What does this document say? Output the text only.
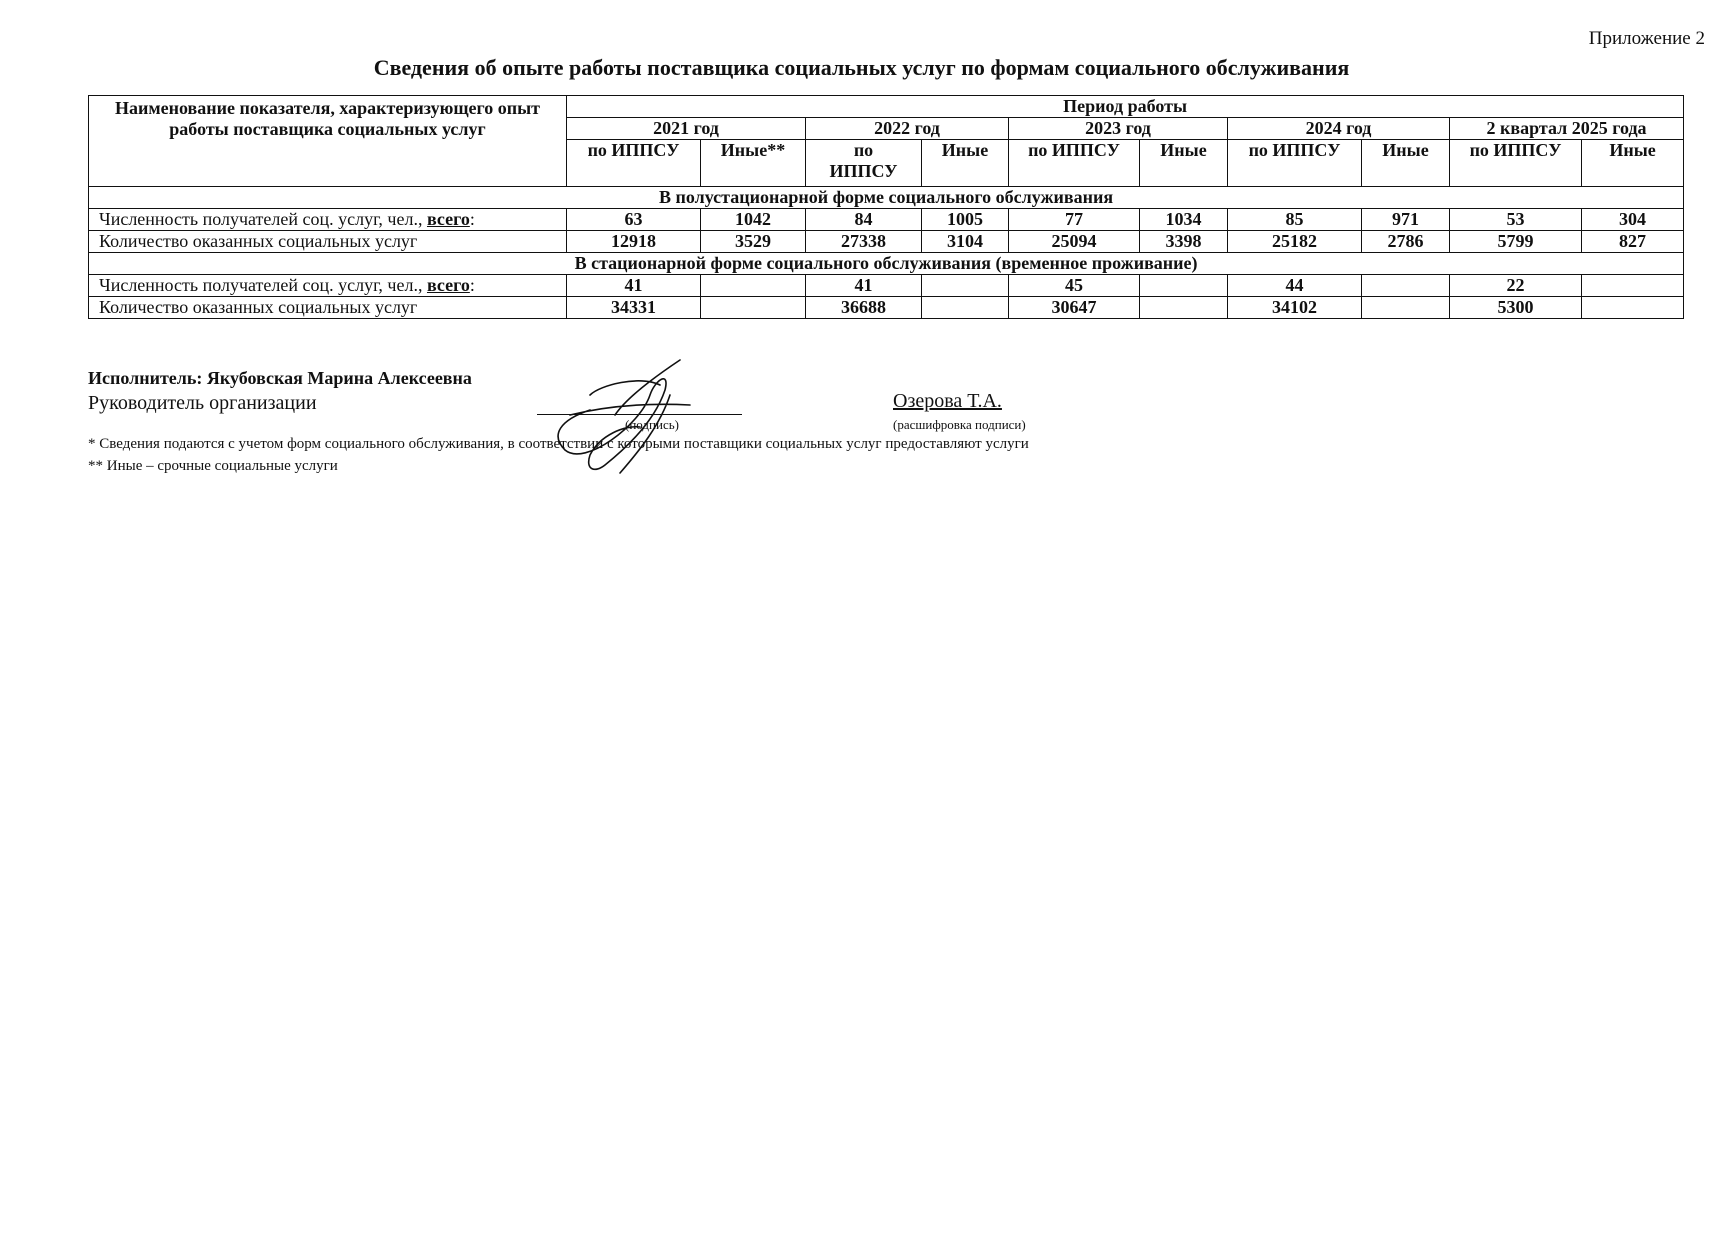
Приложение 2
Сведения об опыте работы поставщика социальных услуг по формам социального обслуживания
Наименование показателя, характеризующего опыт работы поставщика социальных услуг	Период работы									
	2021 год		2022 год		2023 год		2024 год		2 квартал 2025 года	
	по ИППСУ	Иные**	по ИППСУ	Иные	по ИППСУ	Иные	по ИППСУ	Иные	по ИППСУ	Иные
В полустационарной форме социального обслуживания										
Численность получателей соц. услуг, чел., всего:	63	1042	84	1005	77	1034	85	971	53	304
Количество оказанных социальных услуг	12918	3529	27338	3104	25094	3398	25182	2786	5799	827
В стационарной форме социального обслуживания (временное проживание)										
Численность получателей соц. услуг, чел., всего:	41		41		45		44		22	
Количество оказанных социальных услуг	34331		36688		30647		34102		5300	
Исполнитель: Якубовская Марина Алексеевна
Руководитель организации
(подпись)
Озерова Т.А.
(расшифровка подписи)
* Сведения подаются с учетом форм социального обслуживания, в соответствии с которыми поставщики социальных услуг предоставляют услуги
** Иные – срочные социальные услуги
